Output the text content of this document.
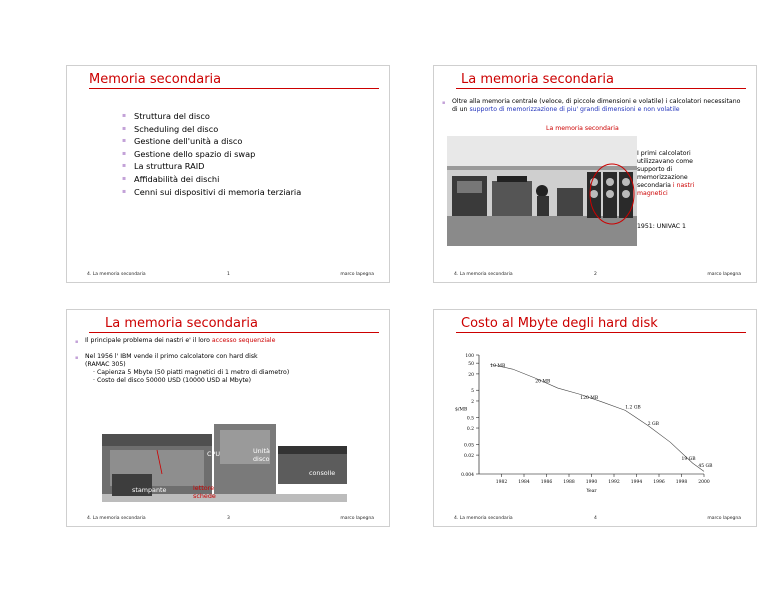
Memoria secondaria
▪ Struttura del disco
▪ Scheduling del disco
▪ Gestione dell'unità a disco
▪ Gestione dello spazio di swap
▪ La struttura RAID
▪ Affidabilità dei dischi
▪ Cenni sui dispositivi di memoria terziaria
4. La memoria secondaria	1	marco lapegna
La memoria secondaria
▪ Oltre alla memoria centrale (veloce, di piccole dimensioni e volatile) i calcolatori necessitano di un supporto di memorizzazione di piu' grandi dimensioni e non volatile
La memoria secondaria
I primi calcolatori
utilizzavano come
supporto di
memorizzazione
secondaria i nastri
magnetici
1951: UNIVAC 1
4. La memoria secondaria	2	marco lapegna
La memoria secondaria
▪ Il principale problema dei nastri e' il loro accesso sequenziale
▪ Nel 1956 l' IBM vende il primo calcolatore con hard disk
(RAMAC 305)
· Capienza 5 Mbyte (50 piatti magnetici di 1 metro di diametro)
· Costo del disco 50000 USD (10000 USD al Mbyte)
CPU	Unità
disco
consolle
stampante	lettore
schede
4. La memoria secondaria	3	marco lapegna
Costo al Mbyte degli hard disk
100
50
20
5
2
0.5
0.2
0.05
0.02
0.004
1982 1984 1986 1988 1990 1992 1994 1996 1998 2000
Year
$/MB
10 MB
20 MB
120 MB
1.2 GB
2 GB
19 GB
45 GB
4. La memoria secondaria	4	marco lapegna
